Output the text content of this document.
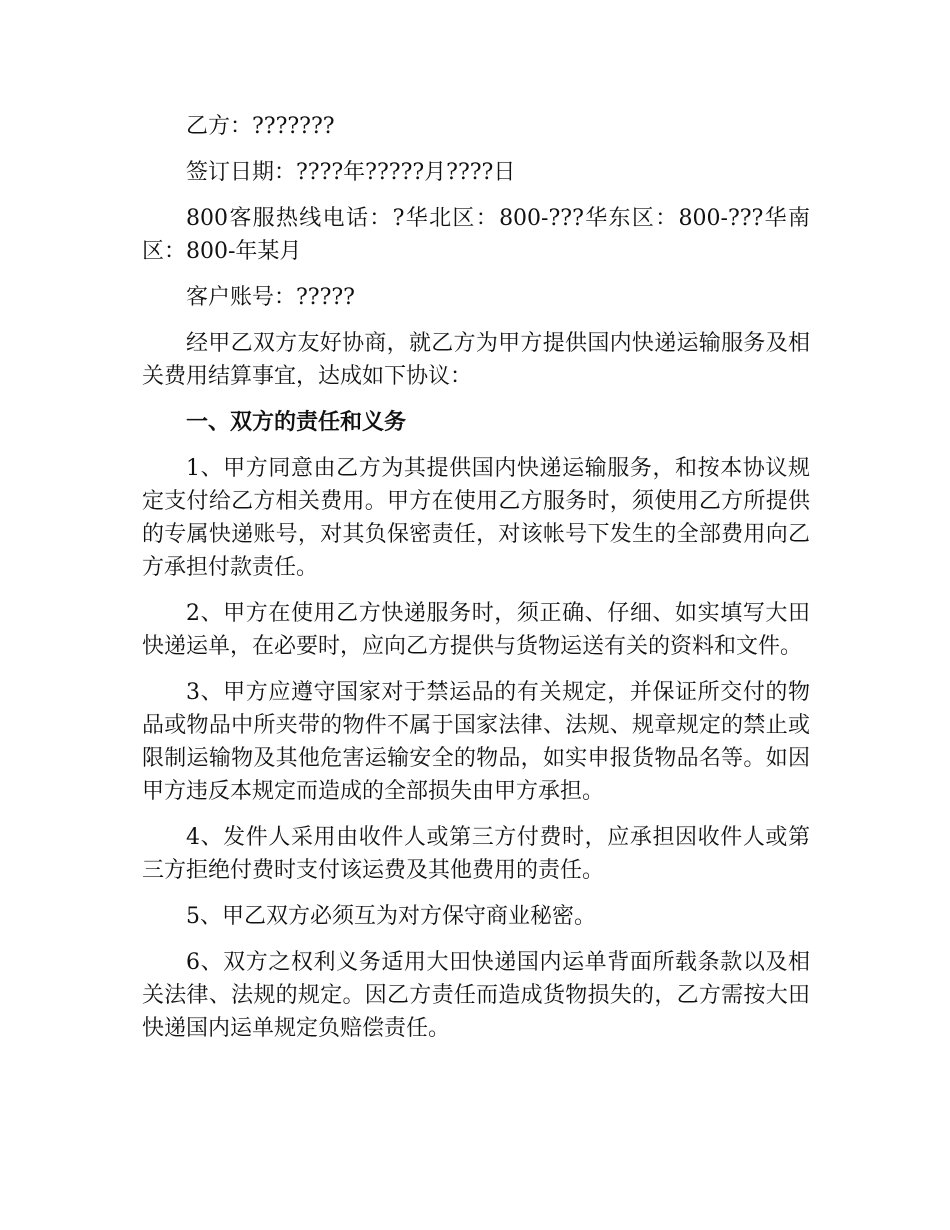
乙方：???????

签订日期：????年?????月????日

800客服热线电话：?华北区：800-???华东区：800-???华南区：800-年某月

客户账号：?????

经甲乙双方友好协商，就乙方为甲方提供国内快递运输服务及相关费用结算事宜，达成如下协议：

一、双方的责任和义务

1、甲方同意由乙方为其提供国内快递运输服务，和按本协议规定支付给乙方相关费用。甲方在使用乙方服务时，须使用乙方所提供的专属快递账号，对其负保密责任，对该帐号下发生的全部费用向乙方承担付款责任。

2、甲方在使用乙方快递服务时，须正确、仔细、如实填写大田快递运单，在必要时，应向乙方提供与货物运送有关的资料和文件。

3、甲方应遵守国家对于禁运品的有关规定，并保证所交付的物品或物品中所夹带的物件不属于国家法律、法规、规章规定的禁止或限制运输物及其他危害运输安全的物品，如实申报货物品名等。如因甲方违反本规定而造成的全部损失由甲方承担。

4、发件人采用由收件人或第三方付费时，应承担因收件人或第三方拒绝付费时支付该运费及其他费用的责任。

5、甲乙双方必须互为对方保守商业秘密。

6、双方之权利义务适用大田快递国内运单背面所载条款以及相关法律、法规的规定。因乙方责任而造成货物损失的，乙方需按大田快递国内运单规定负赔偿责任。
